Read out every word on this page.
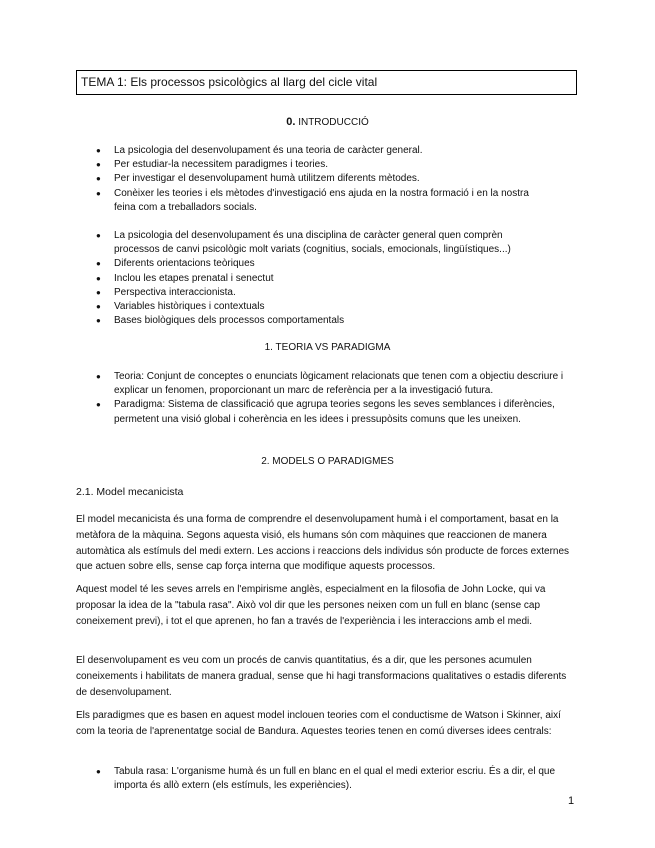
TEMA 1: Els processos psicològics al llarg del cicle vital
0. INTRODUCCIÓ
● La psicologia del desenvolupament és una teoria de caràcter general.
● Per estudiar-la necessitem paradigmes i teories.
● Per investigar el desenvolupament humà utilitzem diferents mètodes.
● Conèixer les teories i els mètodes d'investigació ens ajuda en la nostra formació i en la nostra feina com a treballadors socials.
● La psicologia del desenvolupament és una disciplina de caràcter general quen comprèn processos de canvi psicològic molt variats (cognitius, socials, emocionals, lingüístiques...)
● Diferents orientacions teòriques
● Inclou les etapes prenatal i senectut
● Perspectiva interaccionista.
● Variables històriques i contextuals
● Bases biològiques dels processos comportamentals
1. TEORIA VS PARADIGMA
● Teoria: Conjunt de conceptes o enunciats lògicament relacionats que tenen com a objectiu descriure i explicar un fenomen, proporcionant un marc de referència per a la investigació futura.
● Paradigma: Sistema de classificació que agrupa teories segons les seves semblances i diferències, permetent una visió global i coherència en les idees i pressupòsits comuns que les uneixen.
2. MODELS O PARADIGMES
2.1. Model mecanicista
El model mecanicista és una forma de comprendre el desenvolupament humà i el comportament, basat en la metàfora de la màquina. Segons aquesta visió, els humans són com màquines que reaccionen de manera automàtica als estímuls del medi extern. Les accions i reaccions dels individus són producte de forces externes que actuen sobre ells, sense cap força interna que modifique aquests processos.
Aquest model té les seves arrels en l'empirisme anglès, especialment en la filosofia de John Locke, qui va proposar la idea de la "tabula rasa". Això vol dir que les persones neixen com un full en blanc (sense cap coneixement previ), i tot el que aprenen, ho fan a través de l'experiència i les interaccions amb el medi.
El desenvolupament es veu com un procés de canvis quantitatius, és a dir, que les persones acumulen coneixements i habilitats de manera gradual, sense que hi hagi transformacions qualitatives o estadis diferents de desenvolupament.
Els paradigmes que es basen en aquest model inclouen teories com el conductisme de Watson i Skinner, així com la teoria de l'aprenentatge social de Bandura. Aquestes teories tenen en comú diverses idees centrals:
● Tabula rasa: L'organisme humà és un full en blanc en el qual el medi exterior escriu. És a dir, el que importa és allò extern (els estímuls, les experiències).
1
